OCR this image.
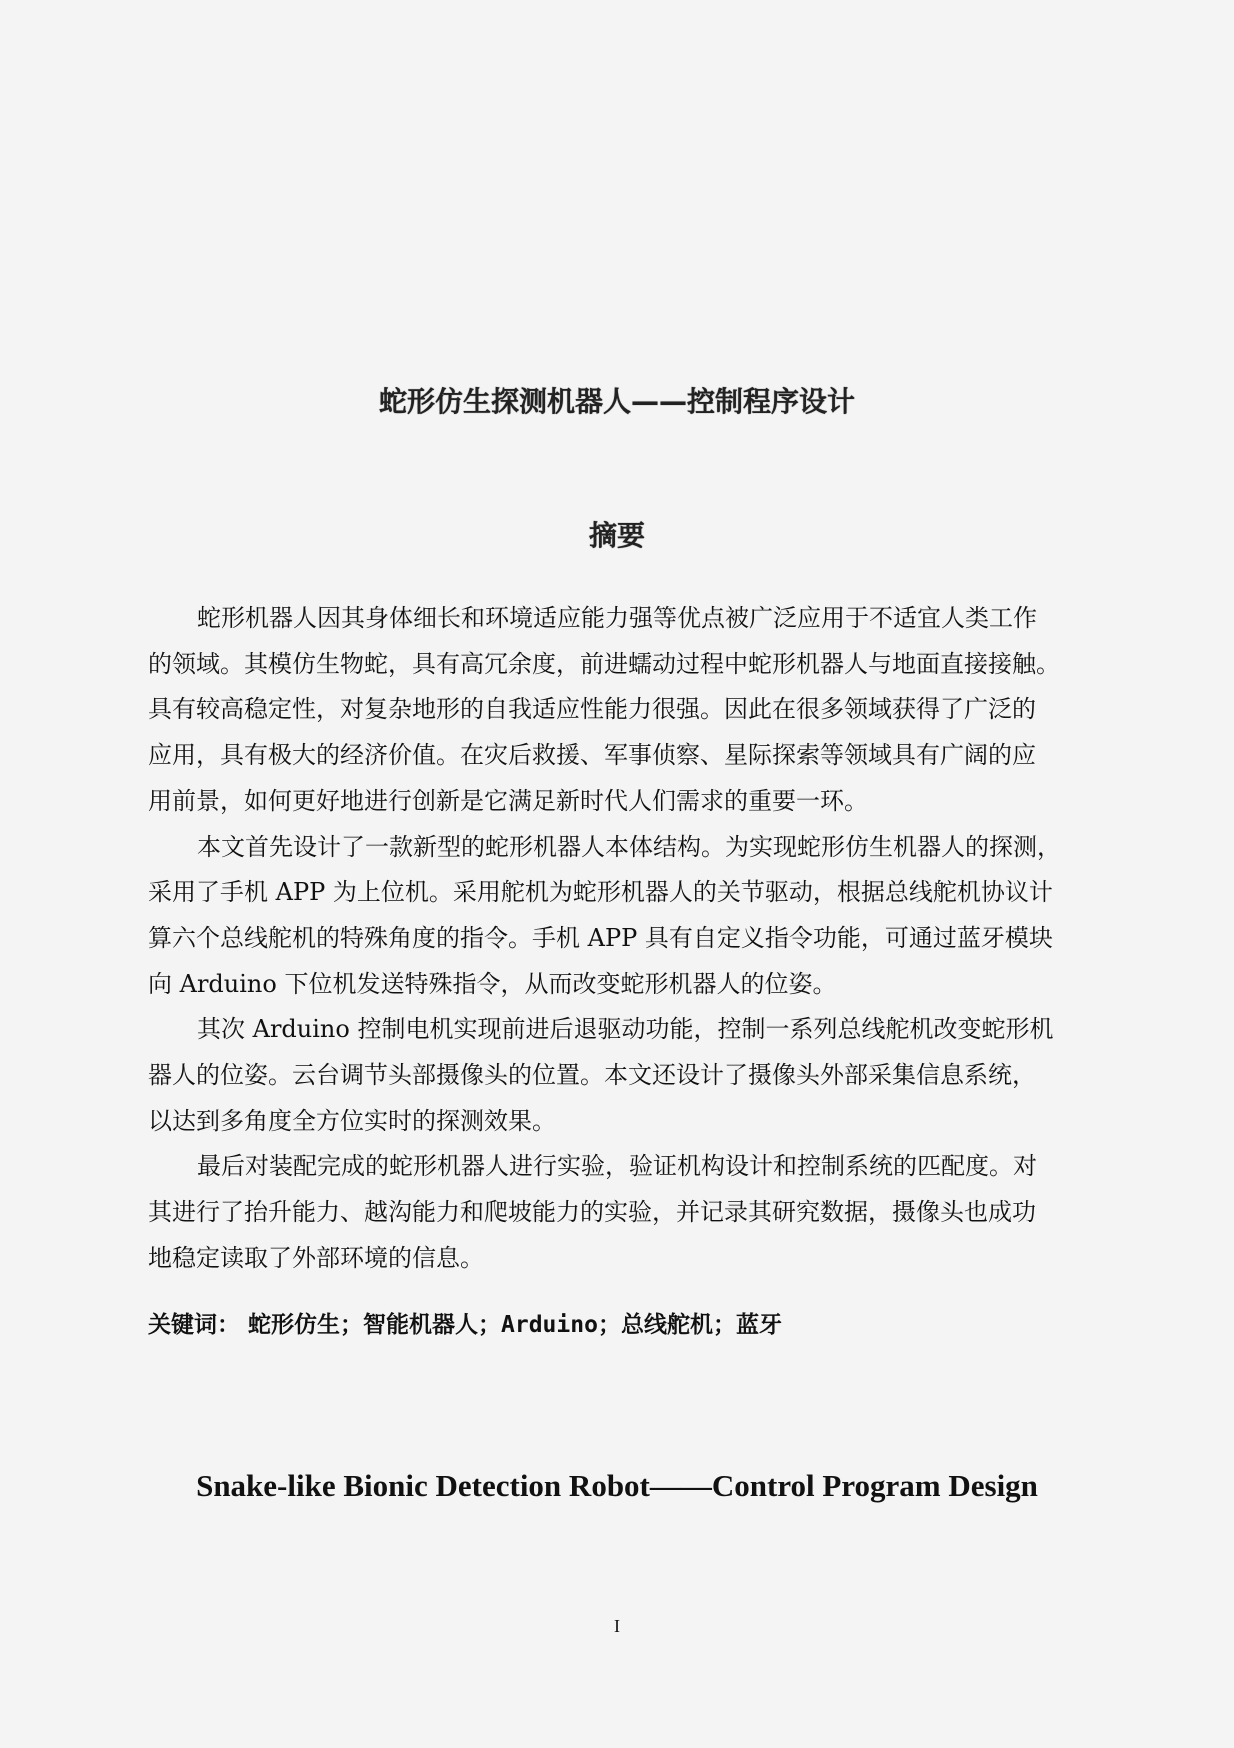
蛇形仿生探测机器人——控制程序设计
摘要
蛇形机器人因其身体细长和环境适应能力强等优点被广泛应用于不适宜人类工作
的领域。其模仿生物蛇，具有高冗余度，前进蠕动过程中蛇形机器人与地面直接接触。
具有较高稳定性，对复杂地形的自我适应性能力很强。因此在很多领域获得了广泛的
应用，具有极大的经济价值。在灾后救援、军事侦察、星际探索等领域具有广阔的应
用前景，如何更好地进行创新是它满足新时代人们需求的重要一环。
本文首先设计了一款新型的蛇形机器人本体结构。为实现蛇形仿生机器人的探测，
采用了手机 APP 为上位机。采用舵机为蛇形机器人的关节驱动，根据总线舵机协议计
算六个总线舵机的特殊角度的指令。手机 APP 具有自定义指令功能，可通过蓝牙模块
向 Arduino 下位机发送特殊指令，从而改变蛇形机器人的位姿。
其次 Arduino 控制电机实现前进后退驱动功能，控制一系列总线舵机改变蛇形机
器人的位姿。云台调节头部摄像头的位置。本文还设计了摄像头外部采集信息系统，
以达到多角度全方位实时的探测效果。
最后对装配完成的蛇形机器人进行实验，验证机构设计和控制系统的匹配度。对
其进行了抬升能力、越沟能力和爬坡能力的实验，并记录其研究数据，摄像头也成功
地稳定读取了外部环境的信息。
关键词： 蛇形仿生；智能机器人；Arduino；总线舵机；蓝牙
Snake-like Bionic Detection Robot——Control Program Design
I
